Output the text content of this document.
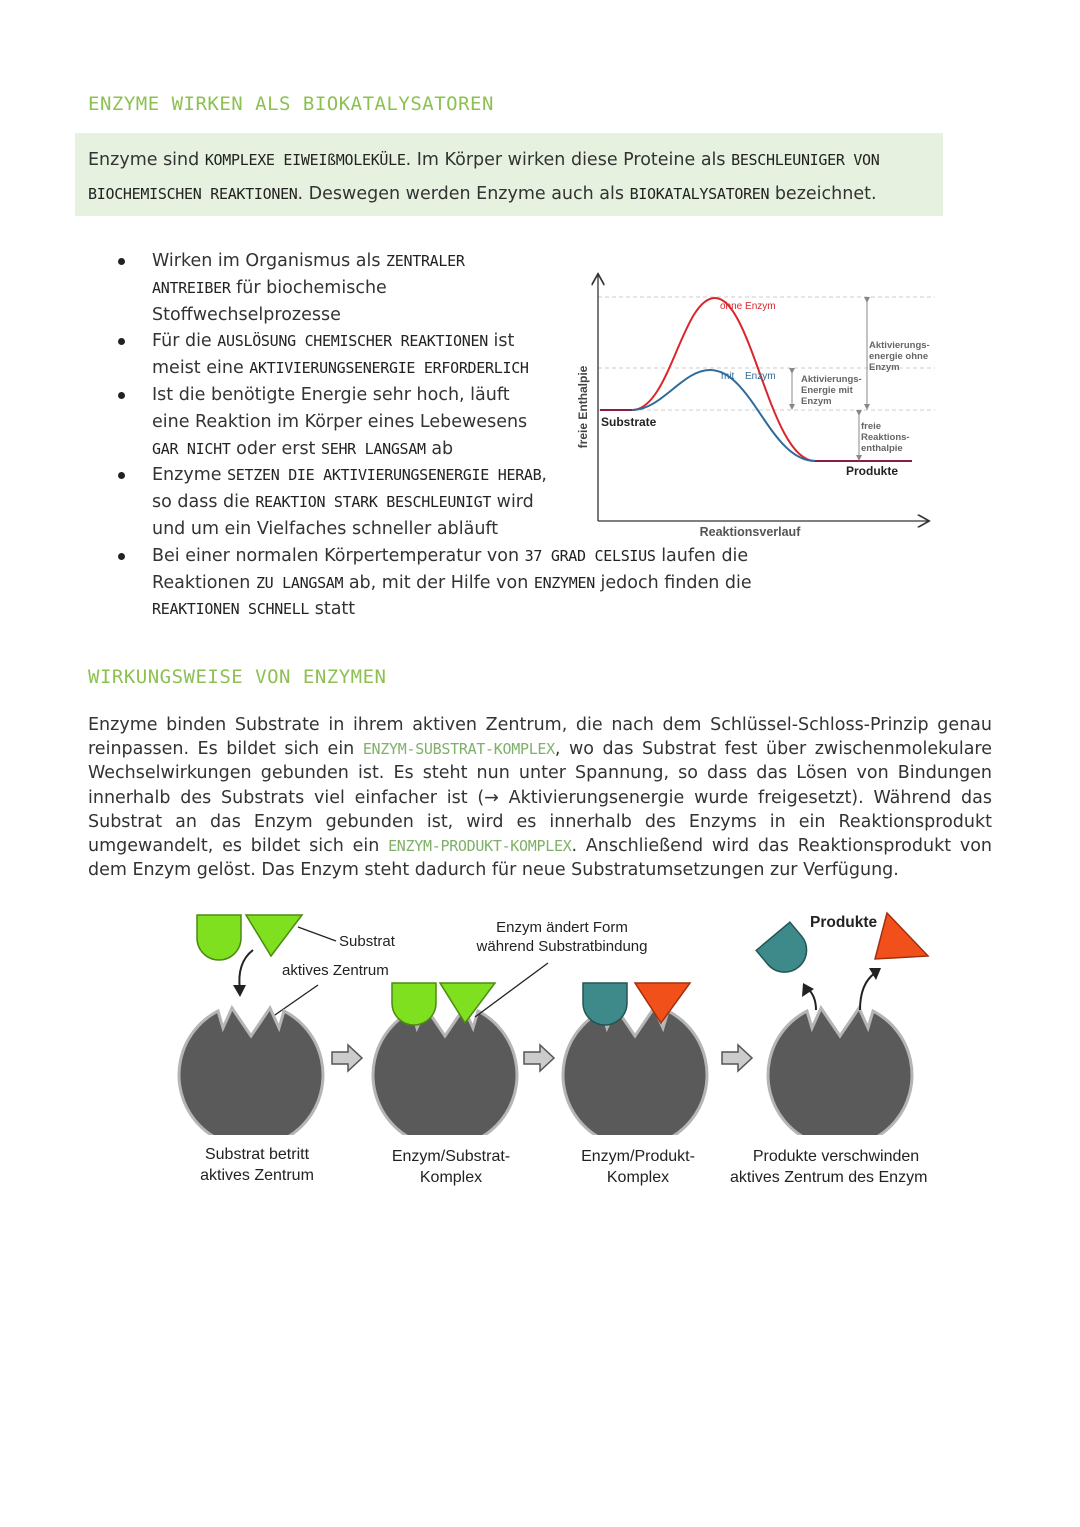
ENZYME WIRKEN ALS BIOKATALYSATOREN
Enzyme sind KOMPLEXE EIWEIßMOLEKÜLE. Im Körper wirken diese Proteine als BESCHLEUNIGER VON BIOCHEMISCHEN REAKTIONEN. Deswegen werden Enzyme auch als BIOKATALYSATOREN bezeichnet.
Wirken im Organismus als ZENTRALER ANTREIBER für biochemische Stoffwechselprozesse
Für die AUSLÖSUNG CHEMISCHER REAKTIONEN ist meist eine AKTIVIERUNGSENERGIE ERFORDERLICH
Ist die benötigte Energie sehr hoch, läuft eine Reaktion im Körper eines Lebewesens GAR NICHT oder erst SEHR LANGSAM ab
Enzyme SETZEN DIE AKTIVIERUNGSENERGIE HERAB, so dass die REAKTION STARK BESCHLEUNIGT wird und um ein Vielfaches schneller abläuft
Bei einer normalen Körpertemperatur von 37 GRAD CELSIUS laufen die Reaktionen ZU LANGSAM ab, mit der Hilfe von ENZYMEN jedoch finden die REAKTIONEN SCHNELL statt
freie Enthalpie
Reaktionsverlauf
ohne Enzym
mit Enzym
Substrate
Produkte
Aktivierungs-
Energie mit
Enzym
Aktivierungs-
energie ohne
Enzym
freie
Reaktions-
enthalpie
WIRKUNGSWEISE VON ENZYMEN

Enzyme binden Substrate in ihrem aktiven Zentrum, die nach dem Schlüssel-Schloss-Prinzip genau reinpassen. Es bildet sich ein ENZYM-SUBSTRAT-KOMPLEX, wo das Substrat fest über zwischenmolekulare Wechselwirkungen gebunden ist. Es steht nun unter Spannung, so dass das Lösen von Bindungen innerhalb des Substrats viel einfacher ist (→ Aktivierungsenergie wurde freigesetzt). Während das Substrat an das Enzym gebunden ist, wird es innerhalb des Enzyms in ein Reaktionsprodukt umgewandelt, es bildet sich ein ENZYM-PRODUKT-KOMPLEX. Anschließend wird das Reaktionsprodukt von dem Enzym gelöst. Das Enzym steht dadurch für neue Substratumsetzungen zur Verfügung.

Substrat
aktives Zentrum
Enzym ändert Form
während Substratbindung
Produkte
Substrat betritt
aktives Zentrum
Enzym/Substrat-
Komplex
Enzym/Produkt-
Komplex
Produkte verschwinden
aktives Zentrum des Enzym
